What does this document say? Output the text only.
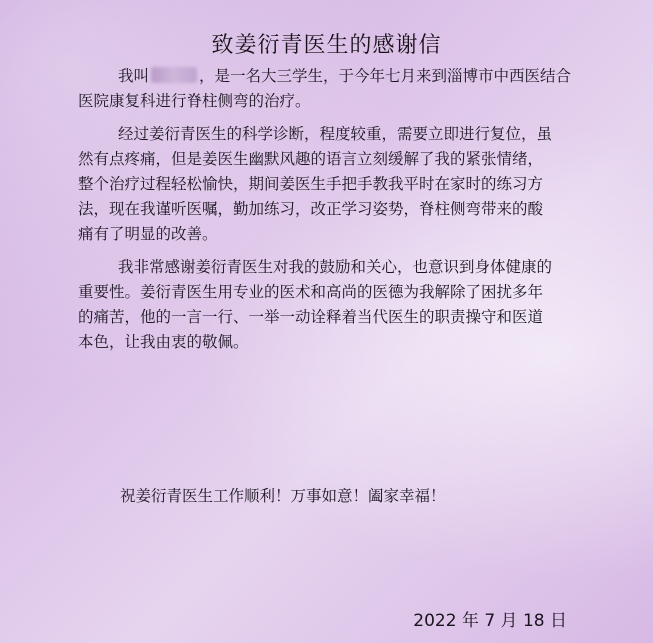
致姜衍青医生的感谢信

我叫	，是一名大三学生，于今年七月来到淄博市中西医结合
医院康复科进行脊柱侧弯的治疗。

经过姜衍青医生的科学诊断，程度较重，需要立即进行复位，虽
然有点疼痛，但是姜医生幽默风趣的语言立刻缓解了我的紧张情绪，
整个治疗过程轻松愉快，期间姜医生手把手教我平时在家时的练习方
法，现在我谨听医嘱，勤加练习，改正学习姿势，脊柱侧弯带来的酸
痛有了明显的改善。

我非常感谢姜衍青医生对我的鼓励和关心，也意识到身体健康的
重要性。姜衍青医生用专业的医术和高尚的医德为我解除了困扰多年
的痛苦，他的一言一行、一举一动诠释着当代医生的职责操守和医道
本色，让我由衷的敬佩。

祝姜衍青医生工作顺利！万事如意！阖家幸福！
2022 年 7 月 18 日
